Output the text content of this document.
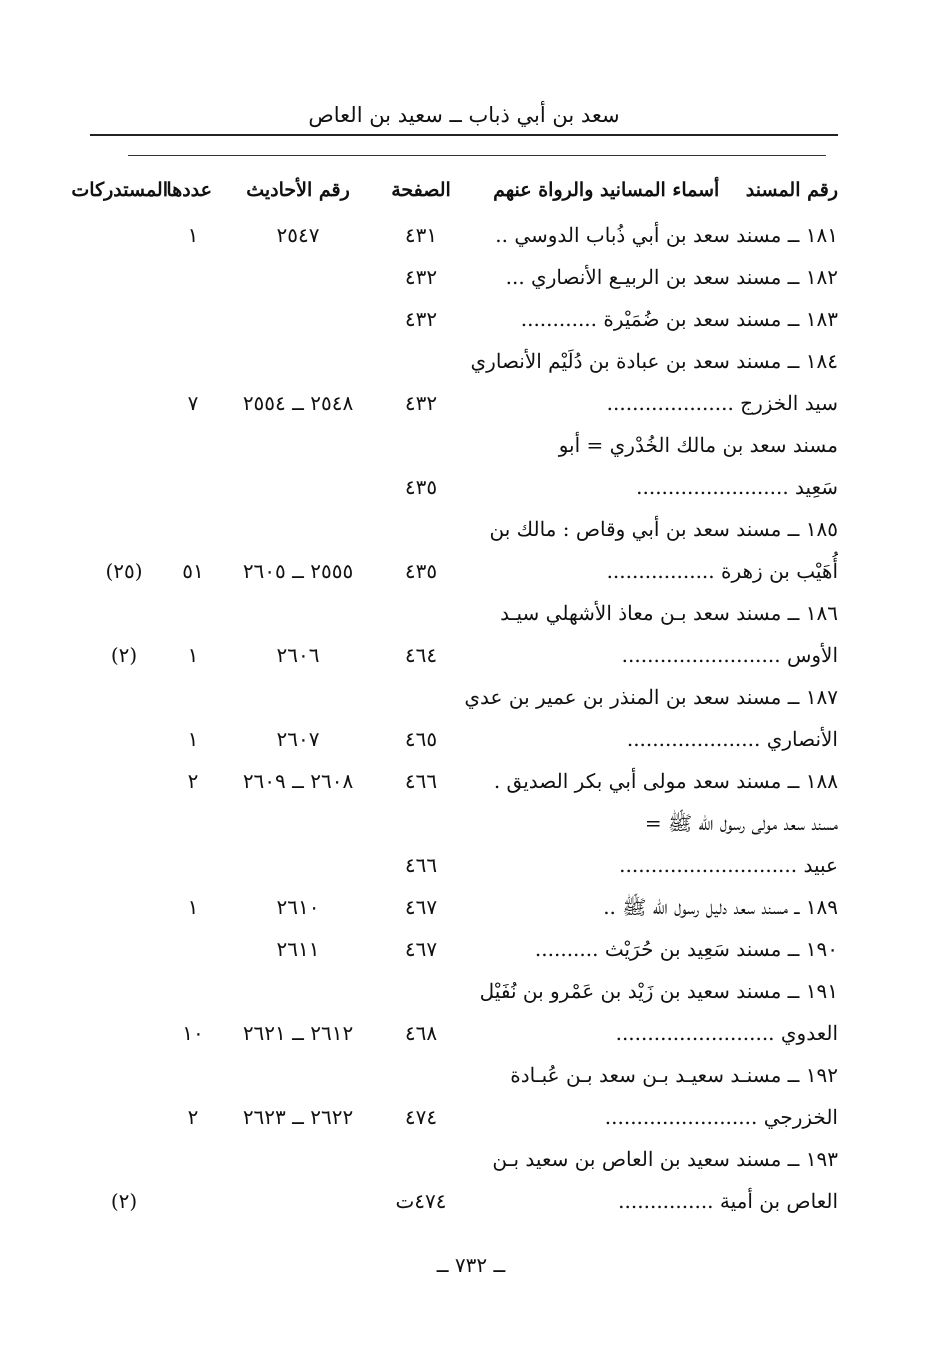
سعد بن أبي ذباب ــ سعيد بن العاص
رقم المسند    أسماء المسانيد والرواة عنهم
الصفحة
رقم الأحاديث
عددها
المستدركات
١٨١ ــ مسند سعد بن أبي ذُباب الدوسي ..
٤٣١
٢٥٤٧
١
١٨٢ ــ مسند سعد بن الربيـع الأنصاري ...
٤٣٢
١٨٣ ــ مسند سعد بن ضُمَيْرة ............
٤٣٢
١٨٤ ــ مسند سعد بن عبادة بن دُلَيْم الأنصاري
سيد الخزرج ....................
٤٣٢
٢٥٤٨ ــ ٢٥٥٤
٧
مسند سعد بن مالك الخُدْري = أبو
سَعِيد ........................
٤٣٥
١٨٥ ــ مسند سعد بن أبي وقاص : مالك بن
أُهَيْب بن زهرة .................
٤٣٥
٢٥٥٥ ــ ٢٦٠٥
٥١
(٢٥)
١٨٦ ــ مسند سعد بـن معاذ الأشهلي سيـد
الأوس .........................
٤٦٤
٢٦٠٦
١
(٢)
١٨٧ ــ مسند سعد بن المنذر بن عمير بن عدي
الأنصاري .....................
٤٦٥
٢٦٠٧
١
١٨٨ ــ مسند سعد مولى أبي بكر الصديق .
٤٦٦
٢٦٠٨ ــ ٢٦٠٩
٢
مسند سعد مولى رسول الله ﷺ =
عبيد ............................
٤٦٦
١٨٩ ــ مسند سعد دليل رسول الله ﷺ ..
٤٦٧
٢٦١٠
١
١٩٠ ــ مسند سَعِيد بن حُرَيْث ..........
٤٦٧
٢٦١١
١٩١ ــ مسند سعيد بن زَيْد بن عَمْرو بن نُفَيْل
العدوي .........................
٤٦٨
٢٦١٢ ــ ٢٦٢١
١٠
١٩٢ ــ مسنـد سعيـد بـن سعد بـن عُبـادة
الخزرجي ........................
٤٧٤
٢٦٢٢ ــ ٢٦٢٣
٢
١٩٣ ــ مسند سعيد بن العاص بن سعيد بـن
العاص بن أمية ...............
٤٧٤ت
(٢)
ــ ٧٣٢ ــ
